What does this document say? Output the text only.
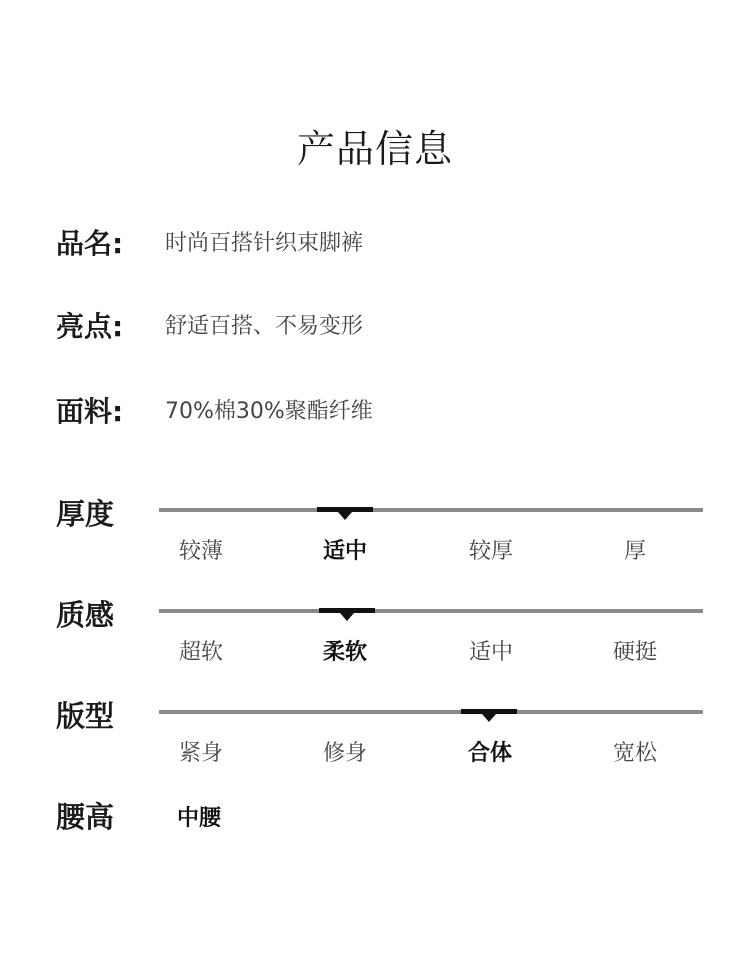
产品信息
品名: 时尚百搭针织束脚裤
亮点: 舒适百搭、不易变形
面料: 70%棉30%聚酯纤维
厚度
较薄	适中	较厚	厚
质感
超软	柔软	适中	硬挺
版型
紧身	修身	合体	宽松
腰高	中腰
